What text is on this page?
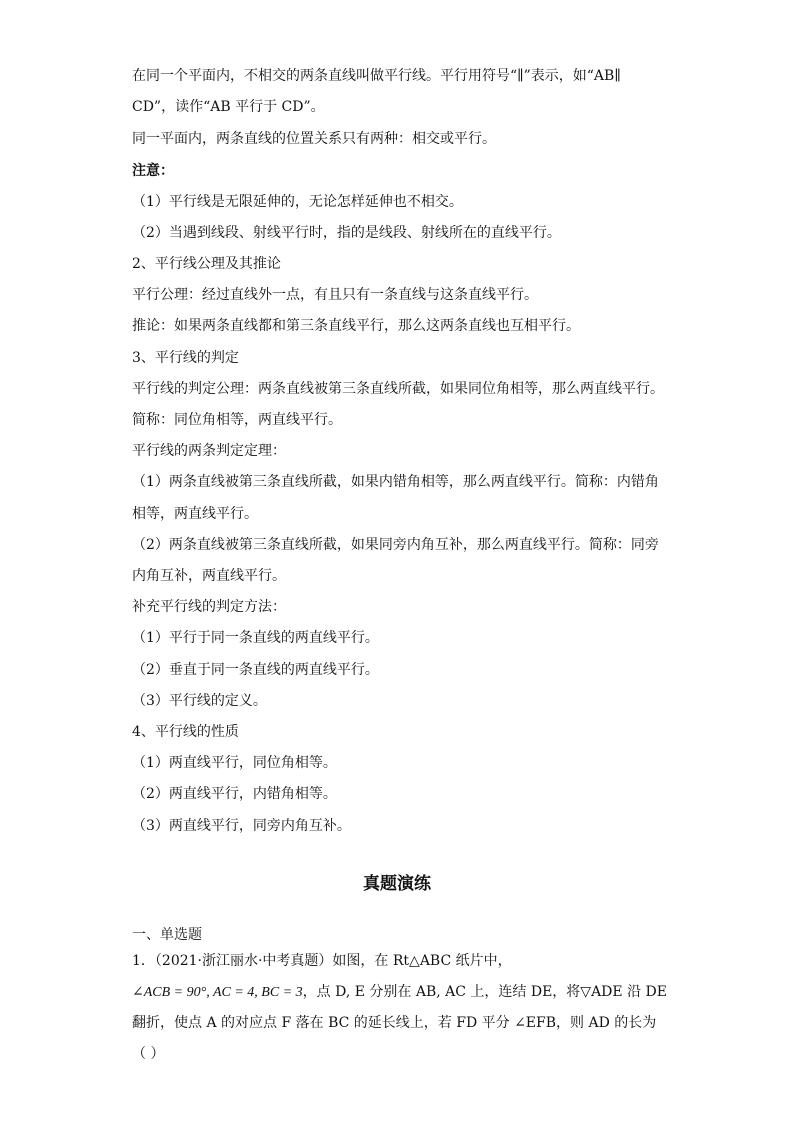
在同一个平面内，不相交的两条直线叫做平行线。平行用符号“∥”表示，如“AB∥
CD”，读作“AB 平行于 CD”。
同一平面内，两条直线的位置关系只有两种：相交或平行。
注意：
（1）平行线是无限延伸的，无论怎样延伸也不相交。
（2）当遇到线段、射线平行时，指的是线段、射线所在的直线平行。
2、平行线公理及其推论
平行公理：经过直线外一点，有且只有一条直线与这条直线平行。
推论：如果两条直线都和第三条直线平行，那么这两条直线也互相平行。
3、平行线的判定
平行线的判定公理：两条直线被第三条直线所截，如果同位角相等，那么两直线平行。
简称：同位角相等，两直线平行。
平行线的两条判定定理：
（1）两条直线被第三条直线所截，如果内错角相等，那么两直线平行。简称：内错角
相等，两直线平行。
（2）两条直线被第三条直线所截，如果同旁内角互补，那么两直线平行。简称：同旁
内角互补，两直线平行。
补充平行线的判定方法：
（1）平行于同一条直线的两直线平行。
（2）垂直于同一条直线的两直线平行。
（3）平行线的定义。
4、平行线的性质
（1）两直线平行，同位角相等。
（2）两直线平行，内错角相等。
（3）两直线平行，同旁内角互补。
真题演练
一、单选题
1．（2021·浙江丽水·中考真题）如图，在 Rt△ABC 纸片中，
∠ACB = 90°, AC = 4, BC = 3，点 D, E 分别在 AB, AC 上，连结 DE，将▽ADE 沿 DE
翻折，使点 A 的对应点 F 落在 BC 的延长线上，若 FD 平分 ∠EFB，则 AD 的长为
（ ）
